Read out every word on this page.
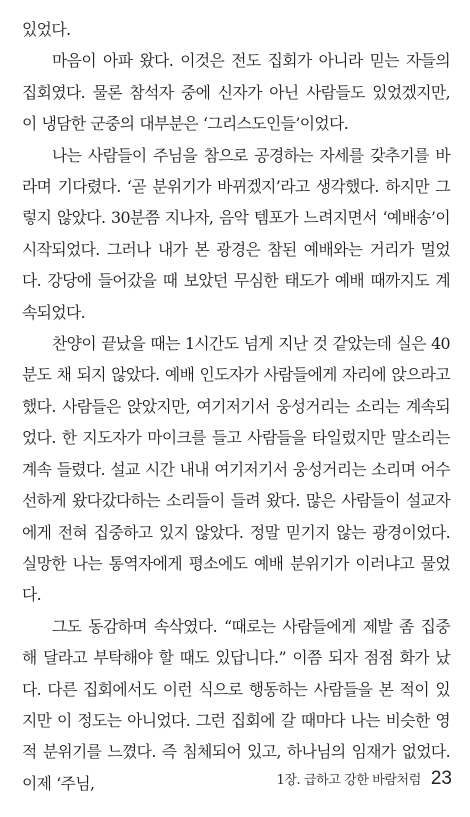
있었다.

마음이 아파 왔다. 이것은 전도 집회가 아니라 믿는 자들의 집회였다. 물론 참석자 중에 신자가 아닌 사람들도 있었겠지만, 이 냉담한 군중의 대부분은 ‘그리스도인들’이었다.

나는 사람들이 주님을 참으로 공경하는 자세를 갖추기를 바라며 기다렸다. ‘곧 분위기가 바뀌겠지’라고 생각했다. 하지만 그렇지 않았다. 30분쯤 지나자, 음악 템포가 느려지면서 ‘예배송’이 시작되었다. 그러나 내가 본 광경은 참된 예배와는 거리가 멀었다. 강당에 들어갔을 때 보았던 무심한 태도가 예배 때까지도 계속되었다.

찬양이 끝났을 때는 1시간도 넘게 지난 것 같았는데 실은 40분도 채 되지 않았다. 예배 인도자가 사람들에게 자리에 앉으라고 했다. 사람들은 앉았지만, 여기저기서 웅성거리는 소리는 계속되었다. 한 지도자가 마이크를 들고 사람들을 타일렀지만 말소리는 계속 들렸다. 설교 시간 내내 여기저기서 웅성거리는 소리며 어수선하게 왔다갔다하는 소리들이 들려 왔다. 많은 사람들이 설교자에게 전혀 집중하고 있지 않았다. 정말 믿기지 않는 광경이었다. 실망한 나는 통역자에게 평소에도 예배 분위기가 이러냐고 물었다.

그도 동감하며 속삭였다. “때로는 사람들에게 제발 좀 집중해 달라고 부탁해야 할 때도 있답니다.” 이쯤 되자 점점 화가 났다. 다른 집회에서도 이런 식으로 행동하는 사람들을 본 적이 있지만 이 정도는 아니었다. 그런 집회에 갈 때마다 나는 비슷한 영적 분위기를 느꼈다. 즉 침체되어 있고, 하나님의 임재가 없었다. 이제 ‘주님,	1장. 급하고 강한 바람처럼 23
